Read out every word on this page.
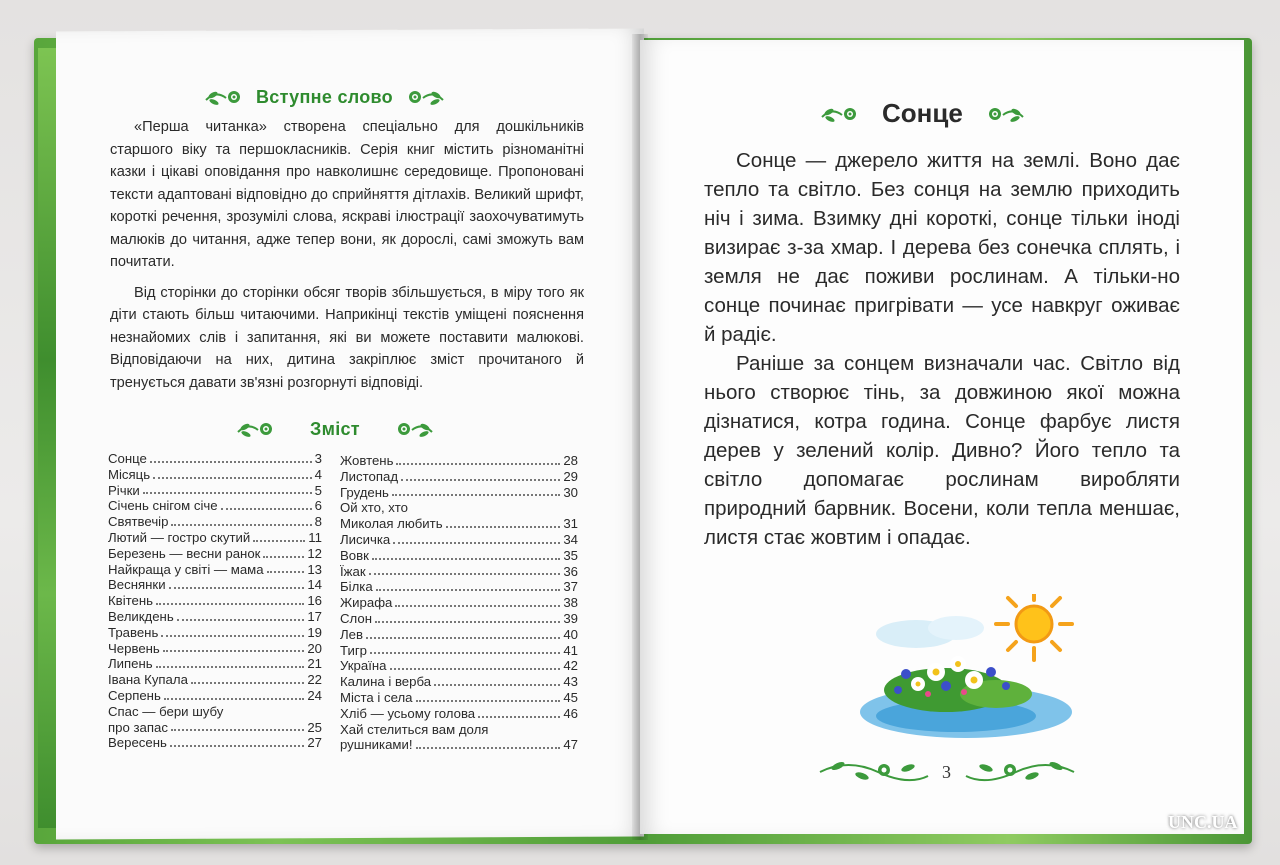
Вступне слово

«Перша читанка» створена спеціально для дошкільників старшого віку та першокласників. Серія книг містить різноманітні казки і цікаві оповідання про навколишнє середовище. Пропоновані тексти адаптовані відповідно до сприйняття дітлахів. Великий шрифт, короткі речення, зрозумілі слова, яскраві ілюстрації заохочуватимуть малюків до читання, адже тепер вони, як дорослі, самі зможуть вам почитати.

Від сторінки до сторінки обсяг творів збільшується, в міру того як діти стають більш читаючими. Наприкінці текстів уміщені пояснення незнайомих слів і запитання, які ви можете поставити малюкові. Відповідаючи на них, дитина закріплює зміст прочитаного й тренується давати зв'язні розгорнуті відповіді.

Зміст
Сонце	3
Місяць	4
Річки	5
Січень снігом січе	6
Святвечір	8
Лютий — гостро скутий	11
Березень — весни ранок	12
Найкраща у світі — мама	13
Веснянки	14
Квітень	16
Великдень	17
Травень	19
Червень	20
Липень	21
Івана Купала	22
Серпень	24
Спас — бери шубу
про запас	25
Вересень	27
Жовтень	28
Листопад	29
Грудень	30
Ой хто, хто
Миколая любить	31
Лисичка	34
Вовк	35
Їжак	36
Білка	37
Жирафа	38
Слон	39
Лев	40
Тигр	41
Україна	42
Калина і верба	43
Міста і села	45
Хліб — усьому голова	46
Хай стелиться вам доля
рушниками!	47
Сонце

Сонце — джерело життя на землі. Воно дає тепло та світло. Без сонця на землю приходить ніч і зима. Взимку дні короткі, сонце тільки іноді визирає з-за хмар. І дерева без сонечка сплять, і земля не дає поживи рослинам. А тільки-но сонце починає пригрівати — усе навкруг оживає й радіє.

Раніше за сонцем визначали час. Світло від нього створює тінь, за довжиною якої можна дізнатися, котра година. Сонце фарбує листя дерев у зелений колір. Дивно? Його тепло та світло допомагає рослинам виробляти природний барвник. Восени, коли тепла меншає, листя стає жовтим і опадає.

3
UNC.UA
